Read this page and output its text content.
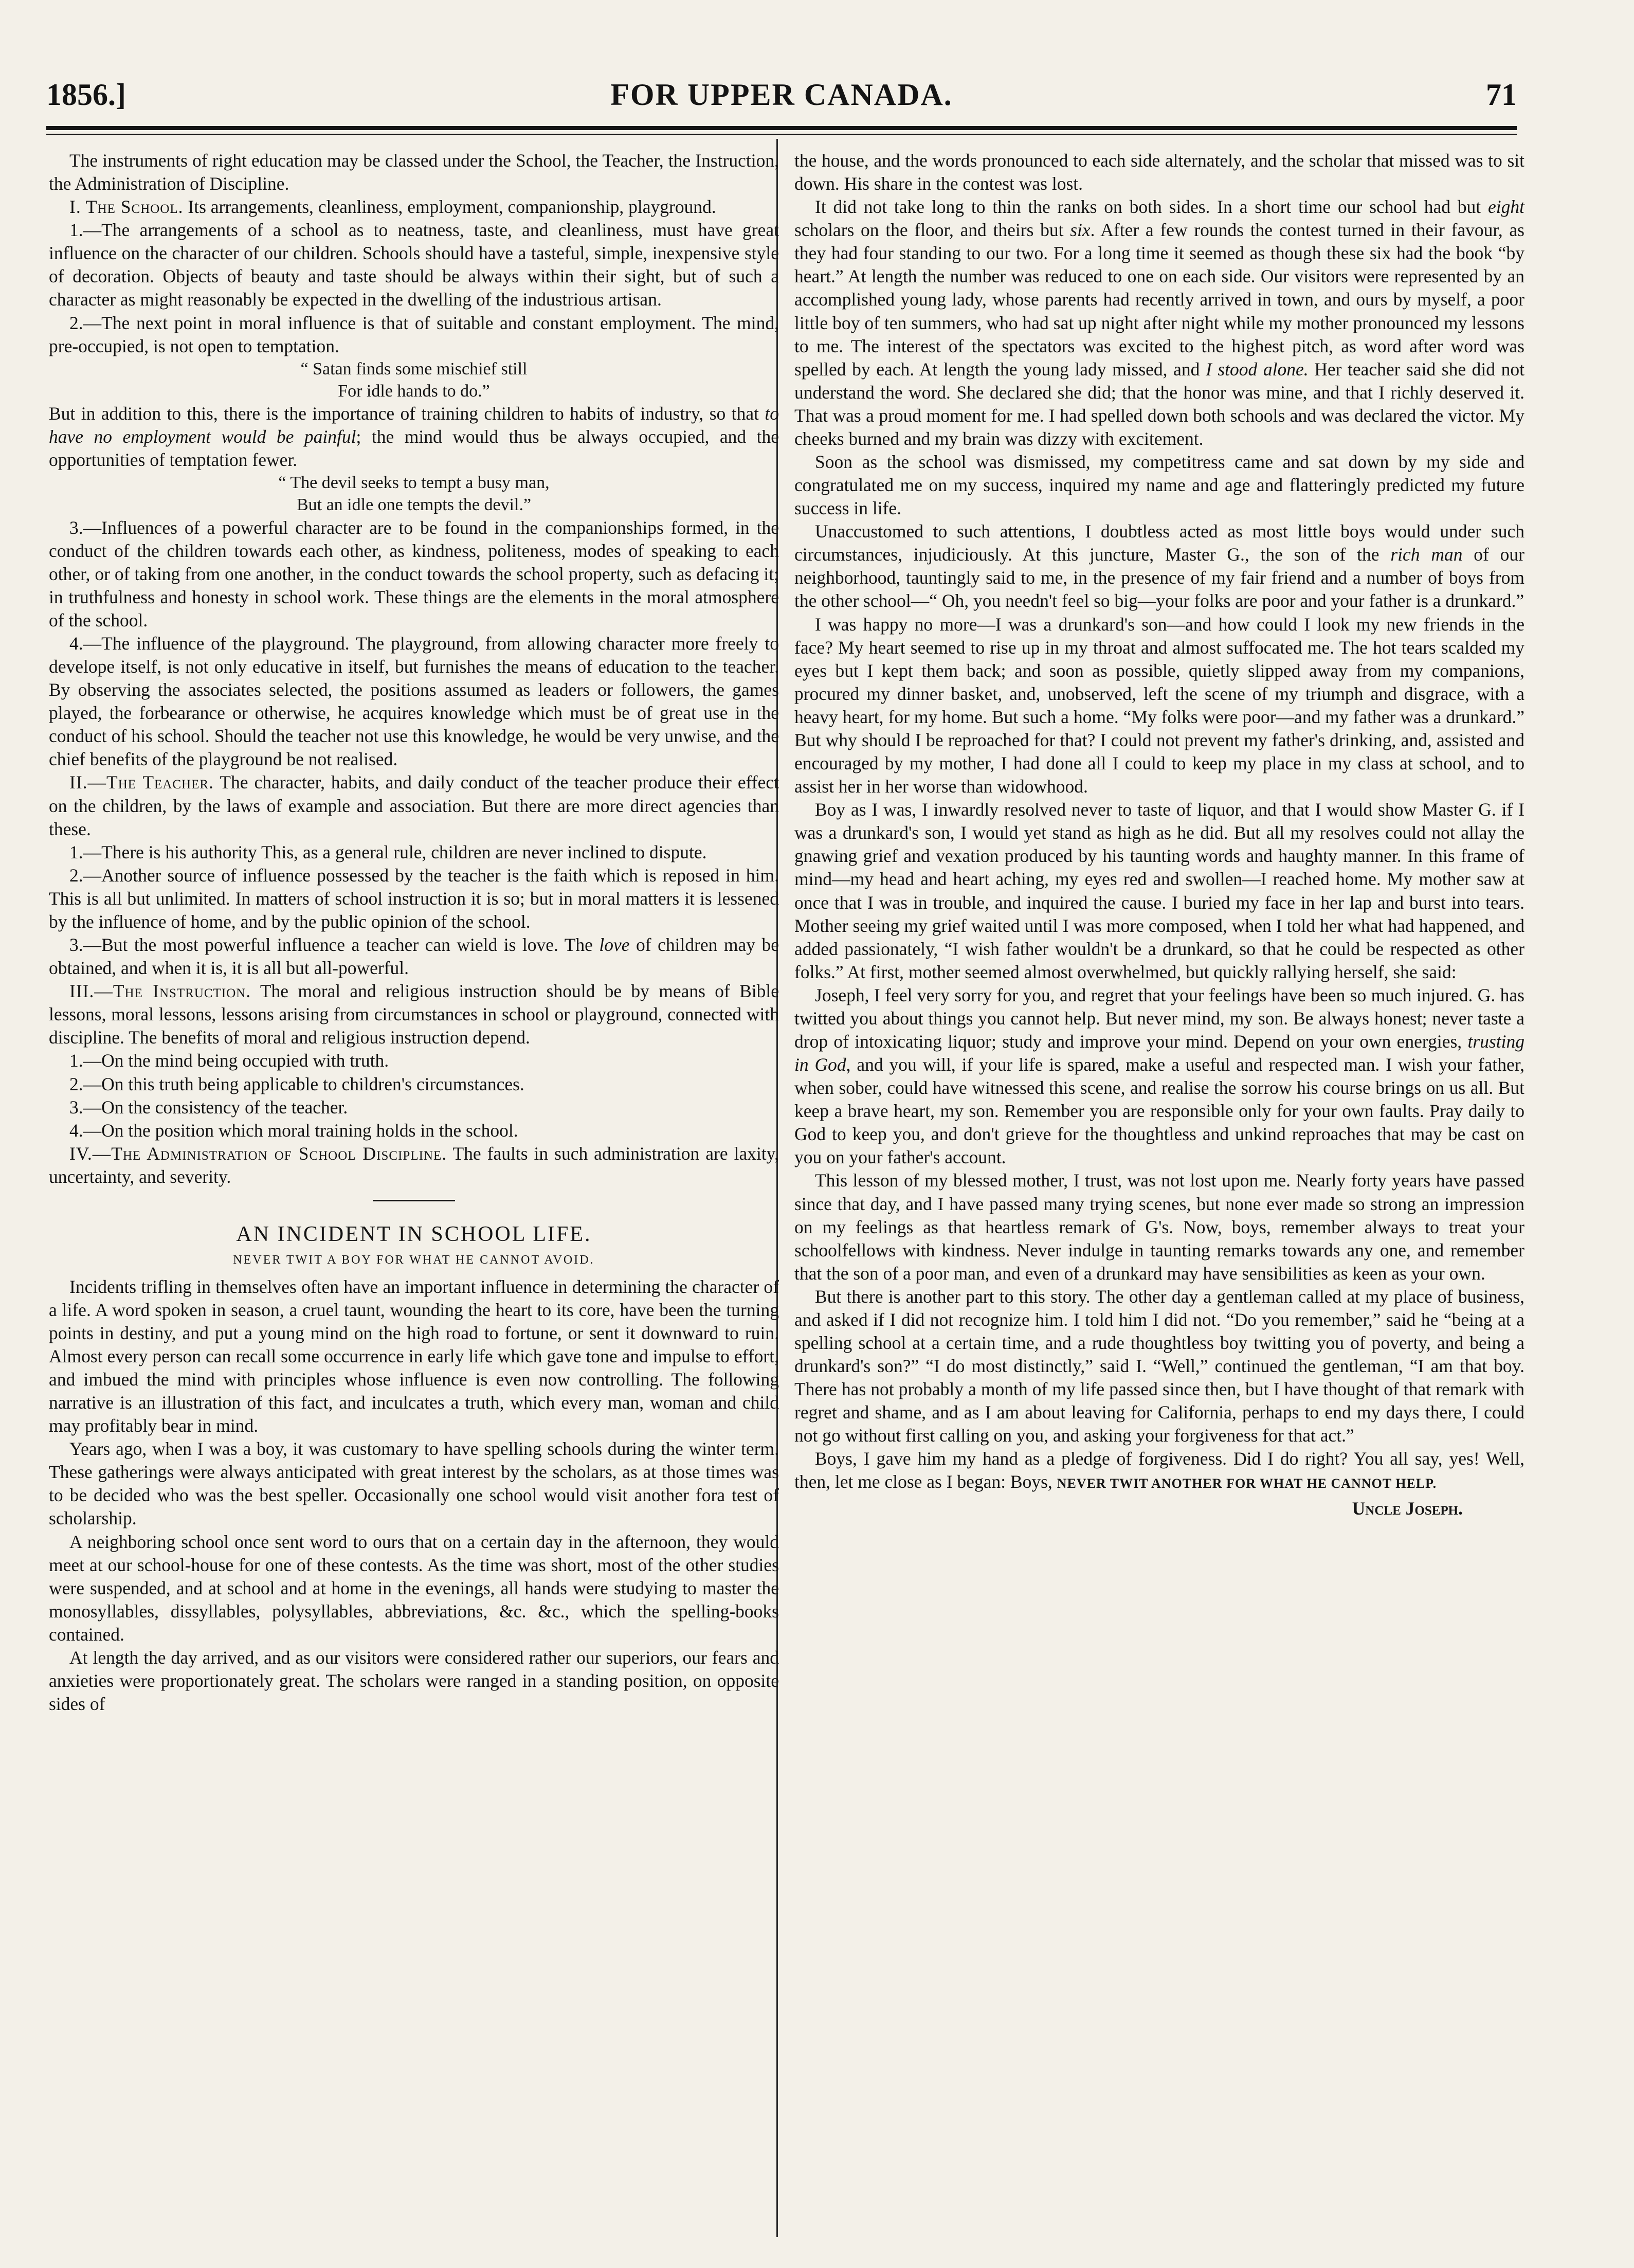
1856.]	FOR UPPER CANADA.	71

The instruments of right education may be classed under the School, the Teacher, the Instruction, the Administration of Discipline.

I. The School. Its arrangements, cleanliness, employment, companionship, playground.

1.—The arrangements of a school as to neatness, taste, and cleanliness, must have great influence on the character of our children. Schools should have a tasteful, simple, inexpensive style of decoration. Objects of beauty and taste should be always within their sight, but of such a character as might reasonably be expected in the dwelling of the industrious artisan.

2.—The next point in moral influence is that of suitable and constant employment. The mind, pre-occupied, is not open to temptation.

“ Satan finds some mischief still
For idle hands to do.”

But in addition to this, there is the importance of training children to habits of industry, so that to have no employment would be painful; the mind would thus be always occupied, and the opportunities of temptation fewer.

“ The devil seeks to tempt a busy man,
But an idle one tempts the devil.”

3.—Influences of a powerful character are to be found in the companionships formed, in the conduct of the children towards each other, as kindness, politeness, modes of speaking to each other, or of taking from one another, in the conduct towards the school property, such as defacing it; in truthfulness and honesty in school work. These things are the elements in the moral atmosphere of the school.

4.—The influence of the playground. The playground, from allowing character more freely to develope itself, is not only educative in itself, but furnishes the means of education to the teacher. By observing the associates selected, the positions assumed as leaders or followers, the games played, the forbearance or otherwise, he acquires knowledge which must be of great use in the conduct of his school. Should the teacher not use this knowledge, he would be very unwise, and the chief benefits of the playground be not realised.

II.—The Teacher. The character, habits, and daily conduct of the teacher produce their effect on the children, by the laws of example and association. But there are more direct agencies than these.

1.—There is his authority This, as a general rule, children are never inclined to dispute.

2.—Another source of influence possessed by the teacher is the faith which is reposed in him. This is all but unlimited. In matters of school instruction it is so; but in moral matters it is lessened by the influence of home, and by the public opinion of the school.

3.—But the most powerful influence a teacher can wield is love. The love of children may be obtained, and when it is, it is all but all-powerful.

III.—The Instruction. The moral and religious instruction should be by means of Bible lessons, moral lessons, lessons arising from circumstances in school or playground, connected with discipline. The benefits of moral and religious instruction depend.

1.—On the mind being occupied with truth.

2.—On this truth being applicable to children's circumstances.

3.—On the consistency of the teacher.

4.—On the position which moral training holds in the school.

IV.—The Administration of School Discipline. The faults in such administration are laxity, uncertainty, and severity.

AN INCIDENT IN SCHOOL LIFE.
NEVER TWIT A BOY FOR WHAT HE CANNOT AVOID.

Incidents trifling in themselves often have an important influence in determining the character of a life. A word spoken in season, a cruel taunt, wounding the heart to its core, have been the turning points in destiny, and put a young mind on the high road to fortune, or sent it downward to ruin. Almost every person can recall some occurrence in early life which gave tone and impulse to effort, and imbued the mind with principles whose influence is even now controlling. The following narrative is an illustration of this fact, and inculcates a truth, which every man, woman and child may profitably bear in mind.

Years ago, when I was a boy, it was customary to have spelling schools during the winter term. These gatherings were always anticipated with great interest by the scholars, as at those times was to be decided who was the best speller. Occasionally one school would visit another fora test of scholarship.

A neighboring school once sent word to ours that on a certain day in the afternoon, they would meet at our school-house for one of these contests. As the time was short, most of the other studies were suspended, and at school and at home in the evenings, all hands were studying to master the monosyllables, dissyllables, polysyllables, abbreviations, &c. &c., which the spelling-books contained.

At length the day arrived, and as our visitors were considered rather our superiors, our fears and anxieties were proportionately great. The scholars were ranged in a standing position, on opposite sides of

the house, and the words pronounced to each side alternately, and the scholar that missed was to sit down. His share in the contest was lost.

It did not take long to thin the ranks on both sides. In a short time our school had but eight scholars on the floor, and theirs but six. After a few rounds the contest turned in their favour, as they had four standing to our two. For a long time it seemed as though these six had the book “by heart.” At length the number was reduced to one on each side. Our visitors were represented by an accomplished young lady, whose parents had recently arrived in town, and ours by myself, a poor little boy of ten summers, who had sat up night after night while my mother pronounced my lessons to me. The interest of the spectators was excited to the highest pitch, as word after word was spelled by each. At length the young lady missed, and I stood alone. Her teacher said she did not understand the word. She declared she did; that the honor was mine, and that I richly deserved it. That was a proud moment for me. I had spelled down both schools and was declared the victor. My cheeks burned and my brain was dizzy with excitement.

Soon as the school was dismissed, my competitress came and sat down by my side and congratulated me on my success, inquired my name and age and flatteringly predicted my future success in life.

Unaccustomed to such attentions, I doubtless acted as most little boys would under such circumstances, injudiciously. At this juncture, Master G., the son of the rich man of our neighborhood, tauntingly said to me, in the presence of my fair friend and a number of boys from the other school—“ Oh, you needn't feel so big—your folks are poor and your father is a drunkard.”

I was happy no more—I was a drunkard's son—and how could I look my new friends in the face? My heart seemed to rise up in my throat and almost suffocated me. The hot tears scalded my eyes but I kept them back; and soon as possible, quietly slipped away from my companions, procured my dinner basket, and, unobserved, left the scene of my triumph and disgrace, with a heavy heart, for my home. But such a home. “My folks were poor—and my father was a drunkard.” But why should I be reproached for that? I could not prevent my father's drinking, and, assisted and encouraged by my mother, I had done all I could to keep my place in my class at school, and to assist her in her worse than widowhood.

Boy as I was, I inwardly resolved never to taste of liquor, and that I would show Master G. if I was a drunkard's son, I would yet stand as high as he did. But all my resolves could not allay the gnawing grief and vexation produced by his taunting words and haughty manner. In this frame of mind—my head and heart aching, my eyes red and swollen—I reached home. My mother saw at once that I was in trouble, and inquired the cause. I buried my face in her lap and burst into tears. Mother seeing my grief waited until I was more composed, when I told her what had happened, and added passionately, “I wish father wouldn't be a drunkard, so that he could be respected as other folks.” At first, mother seemed almost overwhelmed, but quickly rallying herself, she said:

Joseph, I feel very sorry for you, and regret that your feelings have been so much injured. G. has twitted you about things you cannot help. But never mind, my son. Be always honest; never taste a drop of intoxicating liquor; study and improve your mind. Depend on your own energies, trusting in God, and you will, if your life is spared, make a useful and respected man. I wish your father, when sober, could have witnessed this scene, and realise the sorrow his course brings on us all. But keep a brave heart, my son. Remember you are responsible only for your own faults. Pray daily to God to keep you, and don't grieve for the thoughtless and unkind reproaches that may be cast on you on your father's account.

This lesson of my blessed mother, I trust, was not lost upon me. Nearly forty years have passed since that day, and I have passed many trying scenes, but none ever made so strong an impression on my feelings as that heartless remark of G's. Now, boys, remember always to treat your schoolfellows with kindness. Never indulge in taunting remarks towards any one, and remember that the son of a poor man, and even of a drunkard may have sensibilities as keen as your own.

But there is another part to this story. The other day a gentleman called at my place of business, and asked if I did not recognize him. I told him I did not. “Do you remember,” said he “being at a spelling school at a certain time, and a rude thoughtless boy twitting you of poverty, and being a drunkard's son?” “I do most distinctly,” said I. “Well,” continued the gentleman, “I am that boy. There has not probably a month of my life passed since then, but I have thought of that remark with regret and shame, and as I am about leaving for California, perhaps to end my days there, I could not go without first calling on you, and asking your forgiveness for that act.”

Boys, I gave him my hand as a pledge of forgiveness. Did I do right? You all say, yes! Well, then, let me close as I began: Boys, NEVER TWIT ANOTHER FOR WHAT HE CANNOT HELP.

Uncle Joseph.
